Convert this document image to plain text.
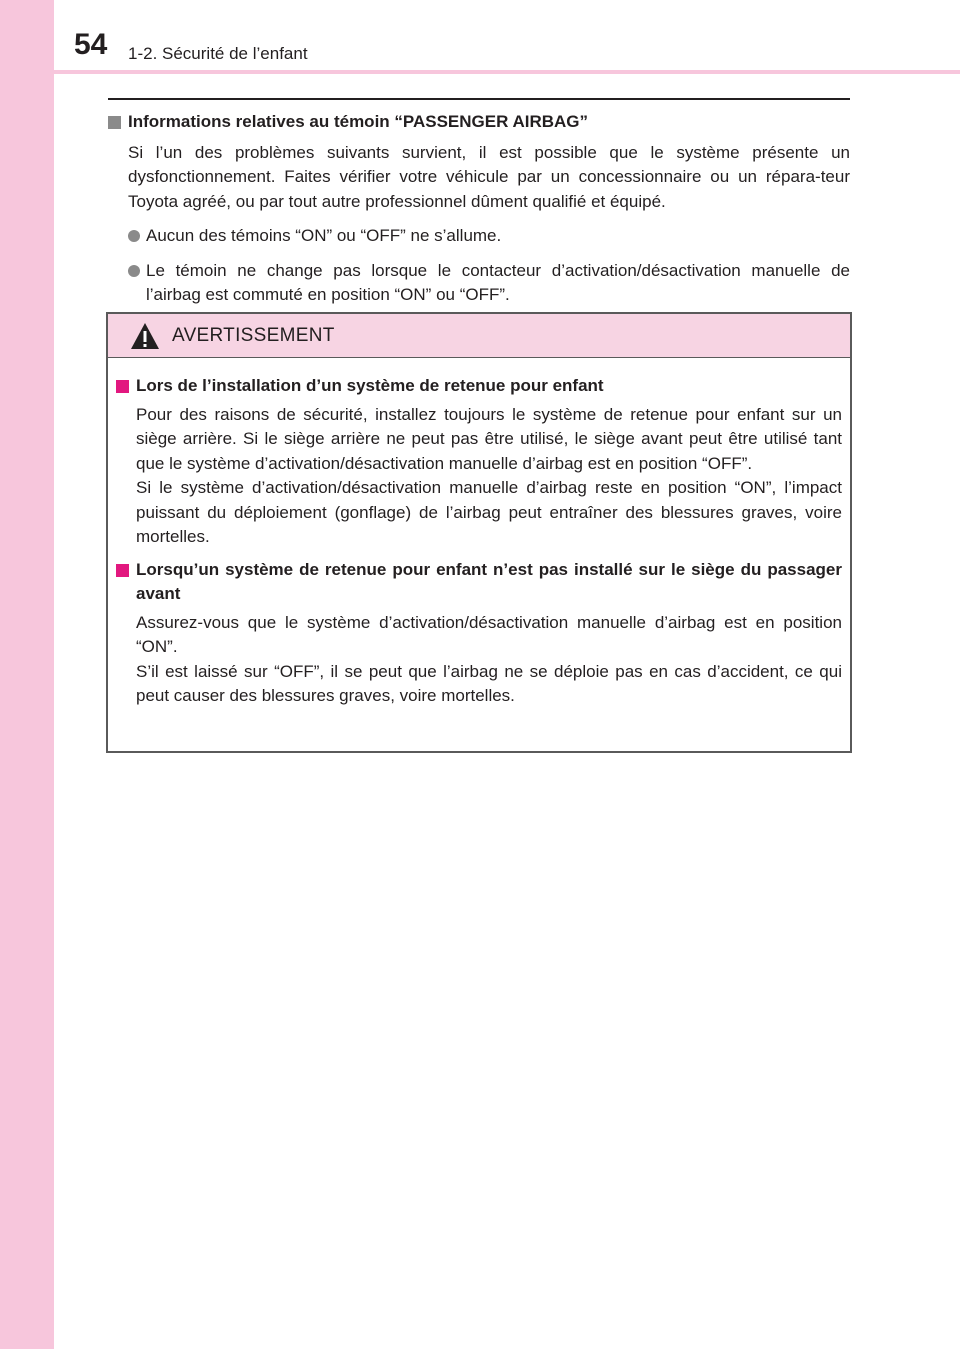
54 1-2. Sécurité de l’enfant

Informations relatives au témoin “PASSENGER AIRBAG”

Si l’un des problèmes suivants survient, il est possible que le système présente un dysfonctionnement. Faites vérifier votre véhicule par un concessionnaire ou un répara-teur Toyota agréé, ou par tout autre professionnel dûment qualifié et équipé.

Aucun des témoins “ON” ou “OFF” ne s’allume.

Le témoin ne change pas lorsque le contacteur d’activation/désactivation manuelle de l’airbag est commuté en position “ON” ou “OFF”.

AVERTISSEMENT

Lors de l’installation d’un système de retenue pour enfant

Pour des raisons de sécurité, installez toujours le système de retenue pour enfant sur un siège arrière. Si le siège arrière ne peut pas être utilisé, le siège avant peut être utilisé tant que le système d’activation/désactivation manuelle d’airbag est en position “OFF”.

Si le système d’activation/désactivation manuelle d’airbag reste en position “ON”, l’impact puissant du déploiement (gonflage) de l’airbag peut entraîner des blessures graves, voire mortelles.

Lorsqu’un système de retenue pour enfant n’est pas installé sur le siège du passager avant

Assurez-vous que le système d’activation/désactivation manuelle d’airbag est en position “ON”.

S’il est laissé sur “OFF”, il se peut que l’airbag ne se déploie pas en cas d’accident, ce qui peut causer des blessures graves, voire mortelles.
